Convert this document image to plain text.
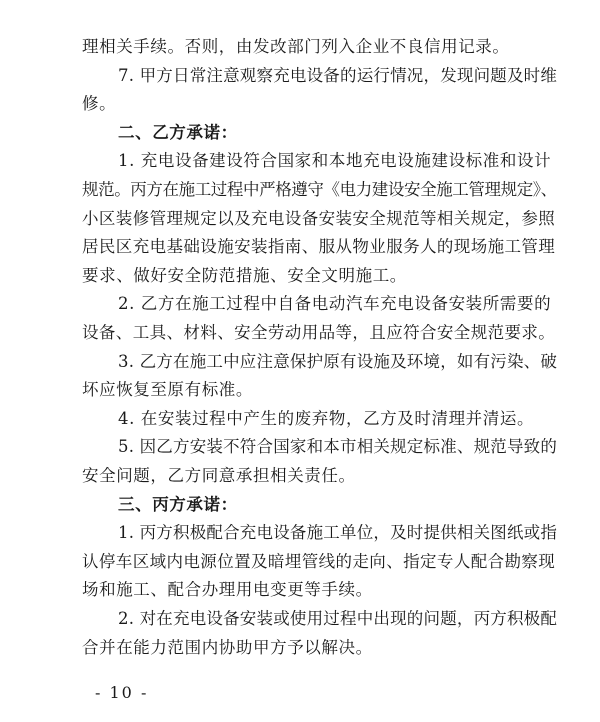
理相关手续。否则，由发改部门列入企业不良信用记录。
7. 甲方日常注意观察充电设备的运行情况，发现问题及时维
修。
二、乙方承诺：
1. 充电设备建设符合国家和本地充电设施建设标准和设计
规范。丙方在施工过程中严格遵守《电力建设安全施工管理规定》、
小区装修管理规定以及充电设备安装安全规范等相关规定，参照
居民区充电基础设施安装指南、服从物业服务人的现场施工管理
要求、做好安全防范措施、安全文明施工。
2. 乙方在施工过程中自备电动汽车充电设备安装所需要的
设备、工具、材料、安全劳动用品等，且应符合安全规范要求。
3. 乙方在施工中应注意保护原有设施及环境，如有污染、破
坏应恢复至原有标准。
4. 在安装过程中产生的废弃物，乙方及时清理并清运。
5. 因乙方安装不符合国家和本市相关规定标准、规范导致的
安全问题，乙方同意承担相关责任。
三、丙方承诺：
1. 丙方积极配合充电设备施工单位，及时提供相关图纸或指
认停车区域内电源位置及暗埋管线的走向、指定专人配合勘察现
场和施工、配合办理用电变更等手续。
2. 对在充电设备安装或使用过程中出现的问题，丙方积极配
合并在能力范围内协助甲方予以解决。
- 10 -
